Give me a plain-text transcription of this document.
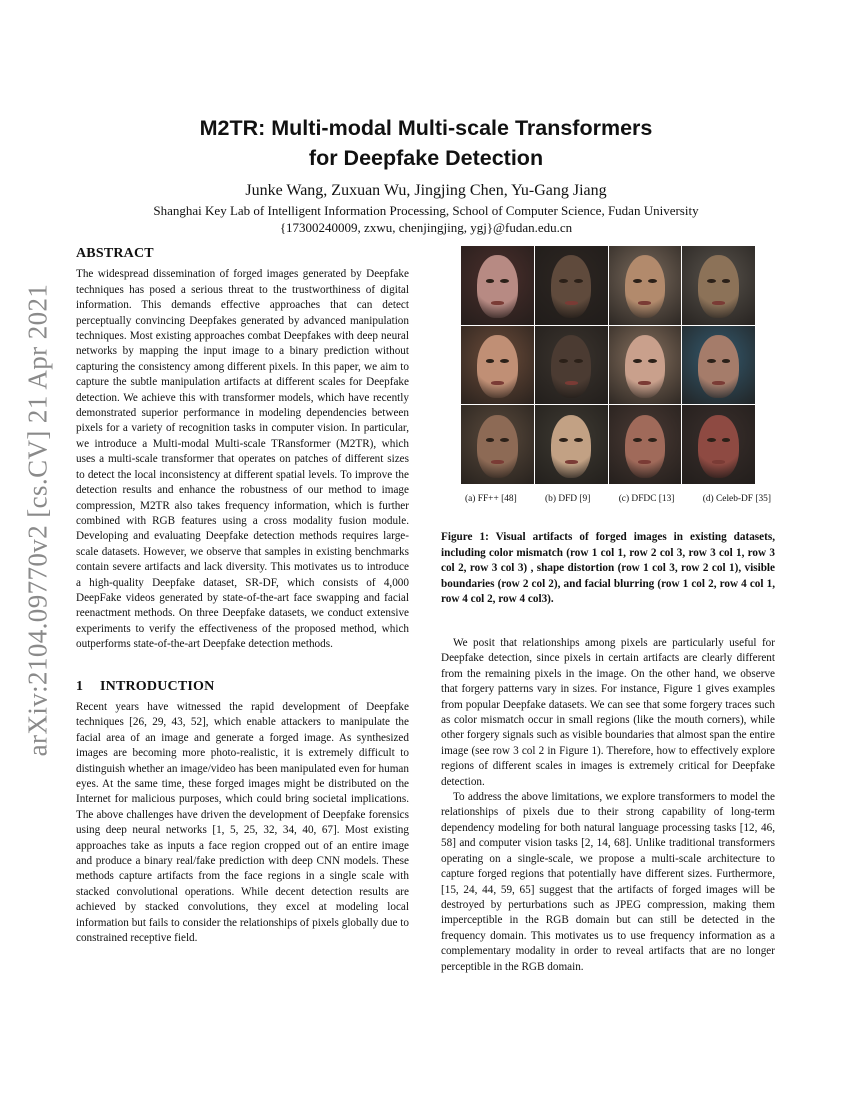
arXiv:2104.09770v2 [cs.CV] 21 Apr 2021
M2TR: Multi-modal Multi-scale Transformers
for Deepfake Detection
Junke Wang, Zuxuan Wu, Jingjing Chen, Yu-Gang Jiang
Shanghai Key Lab of Intelligent Information Processing, School of Computer Science, Fudan University
{17300240009, zxwu, chenjingjing, ygj}@fudan.edu.cn
ABSTRACT

The widespread dissemination of forged images generated by Deepfake techniques has posed a serious threat to the trustworthiness of digital information. This demands effective approaches that can detect perceptually convincing Deepfakes generated by advanced manipulation techniques. Most existing approaches combat Deepfakes with deep neural networks by mapping the input image to a binary prediction without capturing the consistency among different pixels. In this paper, we aim to capture the subtle manipulation artifacts at different scales for Deepfake detection. We achieve this with transformer models, which have recently demonstrated superior performance in modeling dependencies between pixels for a variety of recognition tasks in computer vision. In particular, we introduce a Multi-modal Multi-scale TRansformer (M2TR), which uses a multi-scale transformer that operates on patches of different sizes to detect the local inconsistency at different spatial levels. To improve the detection results and enhance the robustness of our method to image compression, M2TR also takes frequency information, which is further combined with RGB features using a cross modality fusion module. Developing and evaluating Deepfake detection methods requires large-scale datasets. However, we observe that samples in existing benchmarks contain severe artifacts and lack diversity. This motivates us to introduce a high-quality Deepfake dataset, SR-DF, which consists of 4,000 DeepFake videos generated by state-of-the-art face swapping and facial reenactment methods. On three Deepfake datasets, we conduct extensive experiments to verify the effectiveness of the proposed method, which outperforms state-of-the-art Deepfake detection methods.

1 INTRODUCTION

Recent years have witnessed the rapid development of Deepfake techniques [26, 29, 43, 52], which enable attackers to manipulate the facial area of an image and generate a forged image. As synthesized images are becoming more photo-realistic, it is extremely difficult to distinguish whether an image/video has been manipulated even for human eyes. At the same time, these forged images might be distributed on the Internet for malicious purposes, which could bring societal implications. The above challenges have driven the development of Deepfake forensics using deep neural networks [1, 5, 25, 32, 34, 40, 67]. Most existing approaches take as inputs a face region cropped out of an entire image and produce a binary real/fake prediction with deep CNN models. These methods capture artifacts from the face regions in a single scale with stacked convolutional operations. While decent detection results are achieved by stacked convolutions, they excel at modeling local information but fails to consider the relationships of pixels globally due to constrained receptive field.

(a) FF++ [48]	(b) DFD [9]	(c) DFDC [13]	(d) Celeb-DF [35]
Figure 1: Visual artifacts of forged images in existing datasets, including color mismatch (row 1 col 1, row 2 col 3, row 3 col 1, row 3 col 2, row 3 col 3) , shape distortion (row 1 col 3, row 2 col 1), visible boundaries (row 2 col 2), and facial blurring (row 1 col 2, row 4 col 1, row 4 col 2, row 4 col3).

We posit that relationships among pixels are particularly useful for Deepfake detection, since pixels in certain artifacts are clearly different from the remaining pixels in the image. On the other hand, we observe that forgery patterns vary in sizes. For instance, Figure 1 gives examples from popular Deepfake datasets. We can see that some forgery traces such as color mismatch occur in small regions (like the mouth corners), while other forgery signals such as visible boundaries that almost span the entire image (see row 3 col 2 in Figure 1). Therefore, how to effectively explore regions of different scales in images is extremely critical for Deepfake detection.

To address the above limitations, we explore transformers to model the relationships of pixels due to their strong capability of long-term dependency modeling for both natural language processing tasks [12, 46, 58] and computer vision tasks [2, 14, 68]. Unlike traditional transformers operating on a single-scale, we propose a multi-scale architecture to capture forged regions that potentially have different sizes. Furthermore, [15, 24, 44, 59, 65] suggest that the artifacts of forged images will be destroyed by perturbations such as JPEG compression, making them imperceptible in the RGB domain but can still be detected in the frequency domain. This motivates us to use frequency information as a complementary modality in order to reveal artifacts that are no longer perceptible in the RGB domain.
